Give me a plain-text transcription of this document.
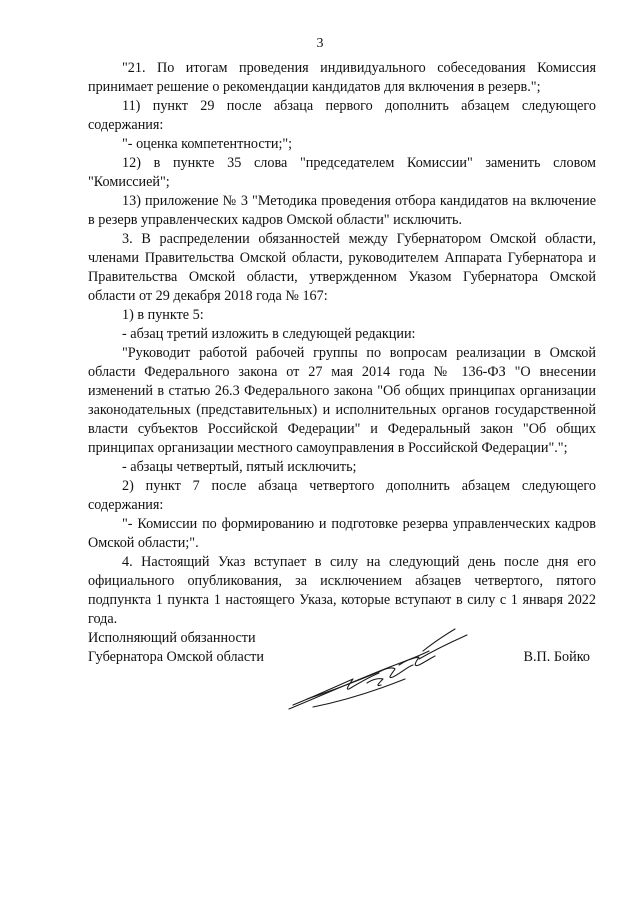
3

"21. По итогам проведения индивидуального собеседования Комиссия принимает решение о рекомендации кандидатов для включения в резерв.";

11) пункт 29 после абзаца первого дополнить абзацем следующего содержания:

"- оценка компетентности;";

12) в пункте 35 слова "председателем Комиссии" заменить словом "Комиссией";

13) приложение № 3 "Методика проведения отбора кандидатов на включение в резерв управленческих кадров Омской области" исключить.

3. В распределении обязанностей между Губернатором Омской области, членами Правительства Омской области, руководителем Аппарата Губернатора и Правительства Омской области, утвержденном Указом Губернатора Омской области от 29 декабря 2018 года № 167:

1) в пункте 5:

- абзац третий изложить в следующей редакции:

"Руководит работой рабочей группы по вопросам реализации в Омской области Федерального закона от 27 мая 2014 года № 136-ФЗ "О внесении изменений в статью 26.3 Федерального закона "Об общих принципах организации законодательных (представительных) и исполнительных органов государственной власти субъектов Российской Федерации" и Федеральный закон "Об общих принципах организации местного самоуправления в Российской Федерации".";

- абзацы четвертый, пятый исключить;

2) пункт 7 после абзаца четвертого дополнить абзацем следующего содержания:

"- Комиссии по формированию и подготовке резерва управленческих кадров Омской области;".

4. Настоящий Указ вступает в силу на следующий день после дня его официального опубликования, за исключением абзацев четвертого, пятого подпункта 1 пункта 1 настоящего Указа, которые вступают в силу с 1 января 2022 года.

Исполняющий обязанности
Губернатора Омской области	В.П. Бойко
